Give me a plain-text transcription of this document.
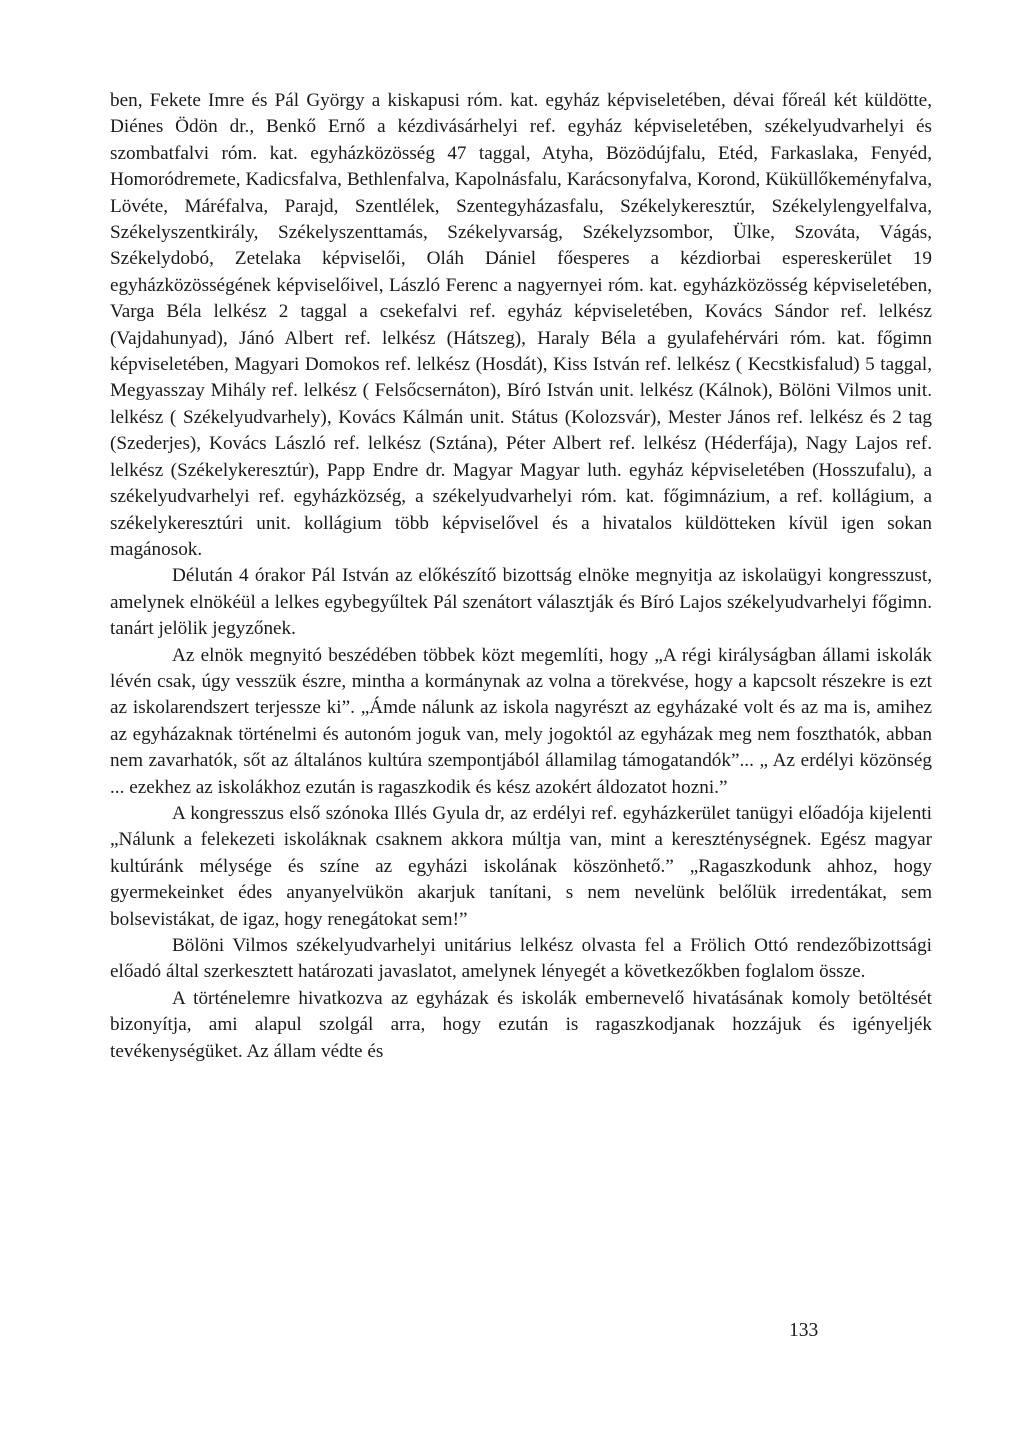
ben, Fekete Imre és Pál György a kiskapusi róm. kat. egyház képviseletében, dévai főreál két küldötte, Diénes Ödön dr., Benkő Ernő a kézdivásárhelyi ref. egyház képviseletében, székelyudvarhelyi és szombatfalvi róm. kat. egyházközösség 47 taggal, Atyha, Bözödújfalu, Etéd, Farkaslaka, Fenyéd, Homoródremete, Kadicsfalva, Bethlenfalva, Kapolnásfalu, Karácsonyfalva, Korond, Küküllőkeményfalva, Lövéte, Máréfalva, Parajd, Szentlélek, Szentegyházasfalu, Székelykeresztúr, Székelylengyelfalva, Székelyszentkirály, Székelyszenttamás, Székelyvarság, Székelyzsombor, Ülke, Szováta, Vágás, Székelydobó, Zetelaka képviselői, Oláh Dániel főesperes a kézdiorbai esperesker​ület 19 egyházközösségének képviselőivel, László Ferenc a nagyernyei róm. kat. egyházközösség képviseletében, Varga Béla lelkész 2 taggal a csekefalvi ref. egyház képviseletében, Kovács Sándor ref. lelkész (Vajdahunyad), Jánó Albert ref. lelkész (Hátszeg), Haraly Béla a gyulafehérvári róm. kat. főgimn képviseletében, Magyari Domokos ref. lelkész (Hosdát), Kiss István ref. lelkész ( Kecstkisfalud) 5 taggal, Megyasszay Mihály ref. lelkész ( Felsőcsernáton), Bíró István unit. lelkész (Kálnok), Bölöni Vilmos unit. lelkész ( Székelyudvarhely), Kovács Kálmán unit. Státus (Kolozsvár), Mester János ref. lelkész és 2 tag (Szederjes), Kovács László ref. lelkész (Sztána), Péter Albert ref. lelkész (Héderfája), Nagy Lajos ref. lelkész (Székelykeresztúr), Papp Endre dr. Magyar Magyar luth. egyház képviseletében (Hosszufalu), a székelyudvarhelyi ref. egyházközség, a székelyudvarhelyi róm. kat. főgimnázium, a ref. kollágium, a székelykeresztúri unit. kollágium több képviselővel és a hivatalos küldötteken kívül igen sokan magánosok.

Délután 4 órakor Pál István az előkészítő bizottság elnöke megnyitja az iskolaügyi kongresszust, amelynek elnökéül a lelkes egybegyűltek Pál szenátort választják és Bíró Lajos székelyudvarhelyi főgimn. tanárt jelölik jegyzőnek.

Az elnök megnyitó beszédében többek közt megemlíti, hogy „A régi királyságban állami iskolák lévén csak, úgy vesszük észre, mintha a kormánynak az volna a törekvése, hogy a kapcsolt részekre is ezt az iskolarendszert terjessze ki”. „Ámde nálunk az iskola nagyrészt az egyházaké volt és az ma is, amihez az egyházaknak történelmi és autonóm joguk van, mely jogoktól az egyházak meg nem foszthatók, abban nem zavarhatók, sőt az általános kultúra szempontjából államilag támogatandók”... „ Az erdélyi közönség ... ezekhez az iskolákhoz ezután is ragaszkodik és kész azokért áldozatot hozni.”

A kongresszus első szónoka Illés Gyula dr, az erdélyi ref. egyházkerület tanügyi előadója kijelenti „Nálunk a felekezeti iskoláknak csaknem akkora múltja van, mint a kereszténységnek. Egész magyar kultúránk mélysége és színe az egyházi iskolának köszönhető.” „Ragaszkodunk ahhoz, hogy gyermekeinket édes anyanyelvükön akarjuk tanítani, s nem nevelünk belőlük irredentákat, sem bolsevistákat, de igaz, hogy renegátokat sem!”

Bölöni Vilmos székelyudvarhelyi unitárius lelkész olvasta fel a Frölich Ottó rendezőbizottsági előadó által szerkesztett határozati javaslatot, amelynek lényegét a következőkben foglalom össze.

A történelemre hivatkozva az egyházak és iskolák embernevelő hivatásának komoly betöltését bizonyítja, ami alapul szolgál arra, hogy ezután is ragaszkodjanak hozzájuk és igényeljék tevékenységüket. Az állam védte és

133
